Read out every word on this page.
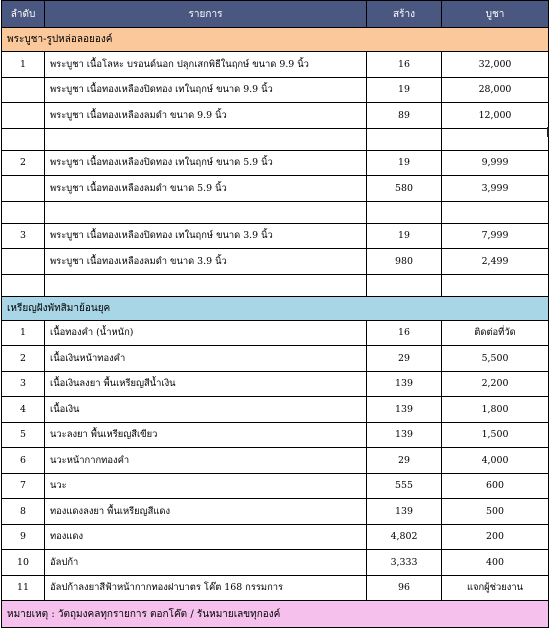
ลำดับ	รายการ	สร้าง	บูชา
พระบูชา-รูปหล่อลอยองค์			
1	พระบูชา เนื้อโลหะ บรอนด์นอก ปลุกเสกพิธีในฤกษ์ ขนาด 9.9 นิ้ว	16	32,000
	พระบูชา เนื้อทองเหลืองปิดทอง เทในฤกษ์ ขนาด 9.9 นิ้ว	19	28,000
	พระบูชา เนื้อทองเหลืองลมดำ ขนาด 9.9 นิ้ว	89	12,000

2	พระบูชา เนื้อทองเหลืองปิดทอง เทในฤกษ์ ขนาด 5.9 นิ้ว	19	9,999
	พระบูชา เนื้อทองเหลืองลมดำ ขนาด 5.9 นิ้ว	580	3,999

3	พระบูชา เนื้อทองเหลืองปิดทอง เทในฤกษ์ ขนาด 3.9 นิ้ว	19	7,999
	พระบูชา เนื้อทองเหลืองลมดำ ขนาด 3.9 นิ้ว	980	2,499

เหรียญฝังพัทสิมาย้อนยุค			
1	เนื้อทองคำ (น้ำหนัก)	16	ติดต่อที่วัด
2	เนื้อเงินหน้าทองคำ	29	5,500
3	เนื้อเงินลงยา พื้นเหรียญสีน้ำเงิน	139	2,200
4	เนื้อเงิน	139	1,800
5	นวะลงยา พื้นเหรียญสีเขียว	139	1,500
6	นวะหน้ากากทองคำ	29	4,000
7	นวะ	555	600
8	ทองแดงลงยา พื้นเหรียญสีแดง	139	500
9	ทองแดง	4,802	200
10	อัลปก้า	3,333	400
11	อัลปก้าลงยาสีฟ้าหน้ากากทองฝาบาตร โค๊ต 168 กรรมการ	96	แจกผู้ช่วยงาน
หมายเหตุ : วัตถุมงคลทุกรายการ ตอกโค๊ต / รันหมายเลขทุกองค์			
